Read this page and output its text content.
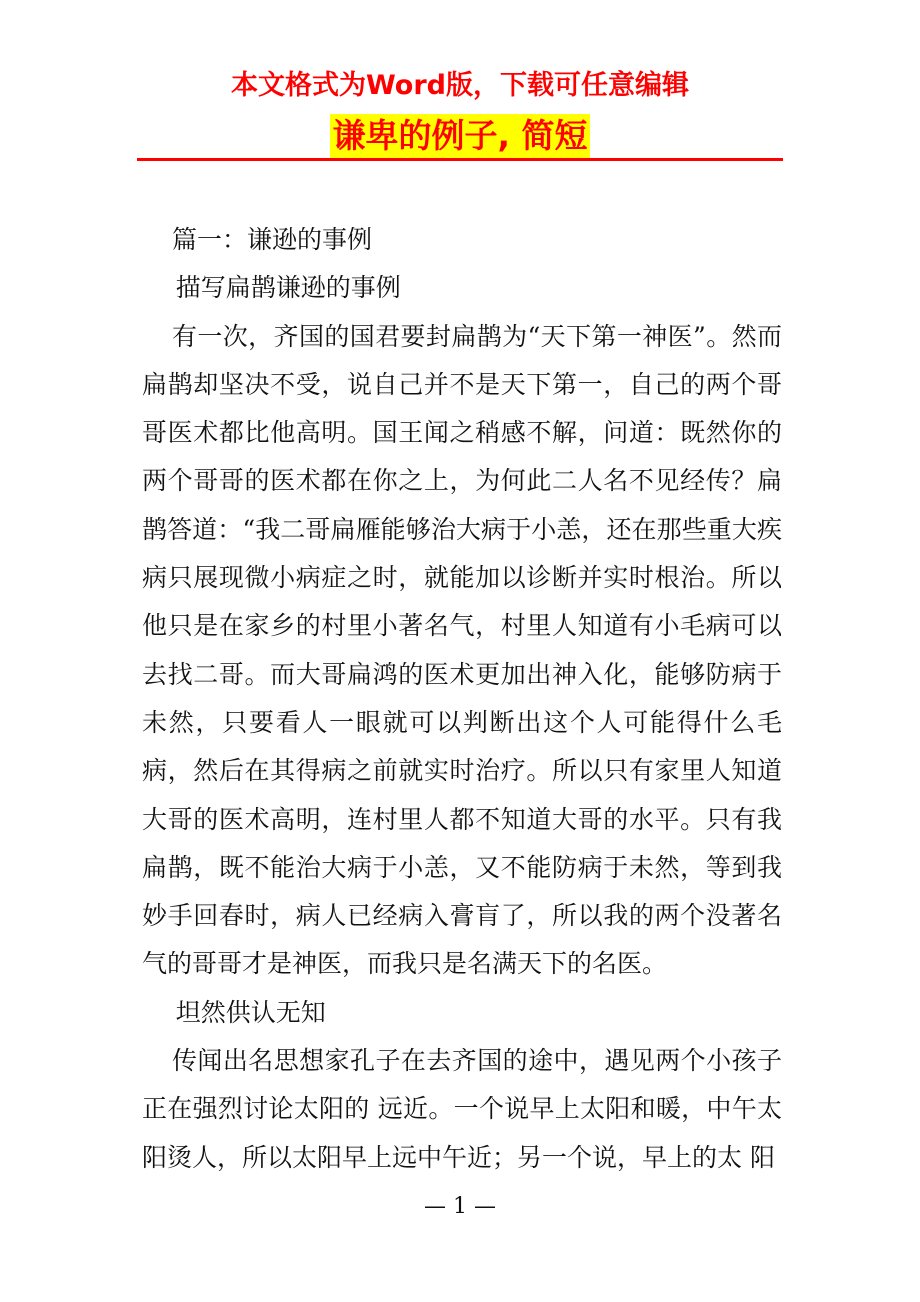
本文格式为Word版，下载可任意编辑
谦卑的例子, 简短

篇一：谦逊的事例

描写扁鹊谦逊的事例

有一次，齐国的国君要封扁鹊为“天下第一神医”。然而扁鹊却坚决不受，说自己并不是天下第一，自己的两个哥哥医术都比他高明。国王闻之稍感不解，问道：既然你的两个哥哥的医术都在你之上，为何此二人名不见经传？扁鹊答道：“我二哥扁雁能够治大病于小恙，还在那些重大疾病只展现微小病症之时，就能加以诊断并实时根治。所以他只是在家乡的村里小著名气，村里人知道有小毛病可以去找二哥。而大哥扁鸿的医术更加出神入化，能够防病于未然，只要看人一眼就可以判断出这个人可能得什么毛病，然后在其得病之前就实时治疗。所以只有家里人知道大哥的医术高明，连村里人都不知道大哥的水平。只有我扁鹊，既不能治大病于小恙，又不能防病于未然，等到我妙手回春时，病人已经病入膏肓了，所以我的两个没著名气的哥哥才是神医，而我只是名满天下的名医。

坦然供认无知

传闻出名思想家孔子在去齐国的途中，遇见两个小孩子正在强烈讨论太阳的 远近。一个说早上太阳和暖，中午太阳烫人，所以太阳早上远中午近；另一个说，早上的太 阳

— 1 —
